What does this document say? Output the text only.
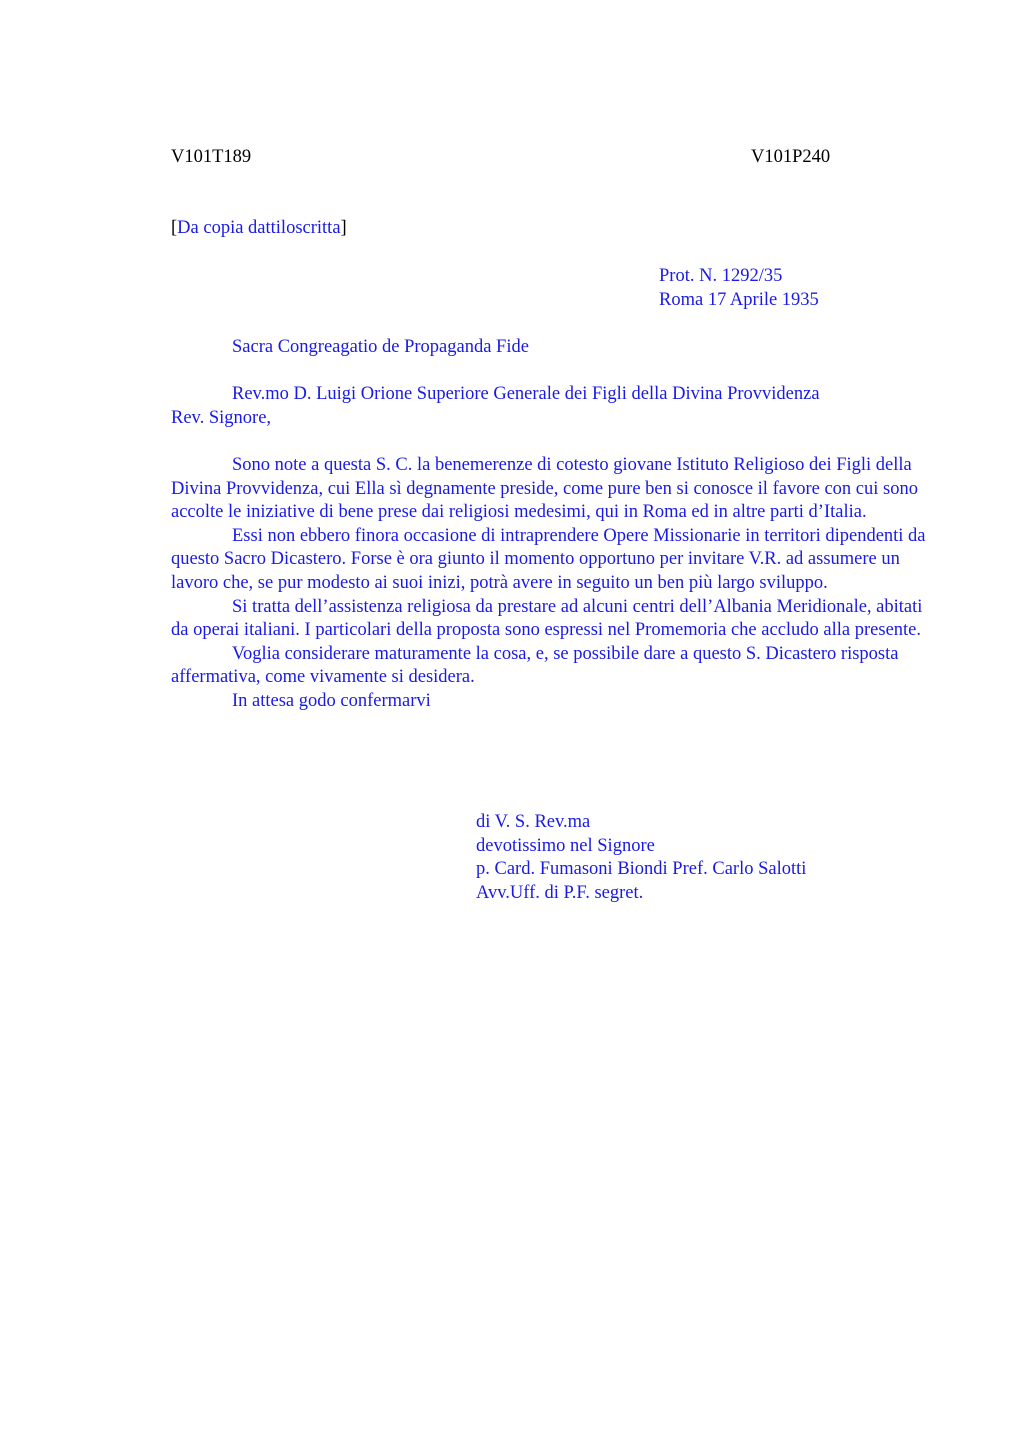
V101T189	V101P240
[Da copia dattiloscritta]
Prot. N. 1292/35
Roma 17 Aprile 1935

Sacra Congreagatio de Propaganda Fide

Rev.mo D. Luigi Orione Superiore Generale dei Figli della Divina Provvidenza

Rev. Signore,

Sono note a questa S. C. la benemerenze di cotesto giovane Istituto Religioso dei Figli della Divina Provvidenza, cui Ella sì degnamente preside, come pure ben si conosce il favore con cui sono accolte le iniziative di bene prese dai religiosi medesimi, qui in Roma ed in altre parti d’Italia.

Essi non ebbero finora occasione di intraprendere Opere Missionarie in territori dipendenti da questo Sacro Dicastero. Forse è ora giunto il momento opportuno per invitare V.R. ad assumere un lavoro che, se pur modesto ai suoi inizi, potrà avere in seguito un ben più largo sviluppo.

Si tratta dell’assistenza religiosa da prestare ad alcuni centri dell’Albania Meridionale, abitati da operai italiani. I particolari della proposta sono espressi nel Promemoria che accludo alla presente.

Voglia considerare maturamente la cosa, e, se possibile dare a questo S. Dicastero risposta affermativa, come vivamente si desidera.

In attesa godo confermarvi

di V. S. Rev.ma
devotissimo nel Signore
p. Card. Fumasoni Biondi Pref. Carlo Salotti
Avv.Uff. di P.F. segret.
